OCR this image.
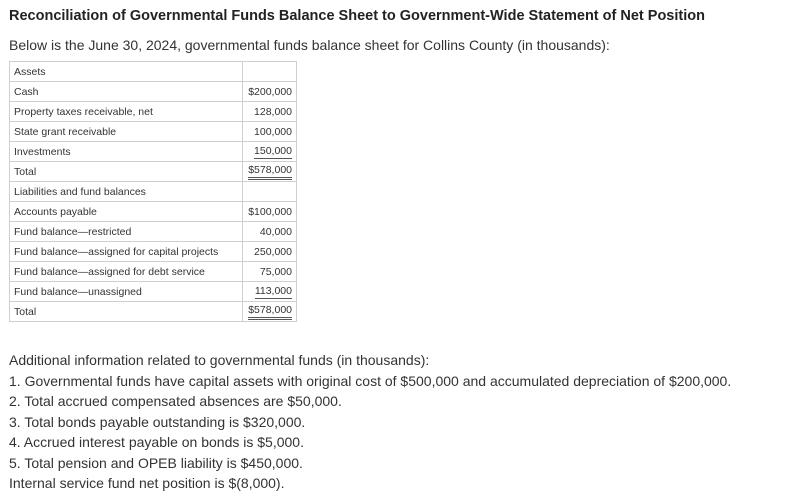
Reconciliation of Governmental Funds Balance Sheet to Government-Wide Statement of Net Position
Below is the June 30, 2024, governmental funds balance sheet for Collins County (in thousands):
Assets	
Cash	$200,000
Property taxes receivable, net	128,000
State grant receivable	100,000
Investments	150,000
Total	$578,000
Liabilities and fund balances	
Accounts payable	$100,000
Fund balance—restricted	40,000
Fund balance—assigned for capital projects	250,000
Fund balance—assigned for debt service	75,000
Fund balance—unassigned	113,000
Total	$578,000
Additional information related to governmental funds (in thousands):
1. Governmental funds have capital assets with original cost of $500,000 and accumulated depreciation of $200,000.
2. Total accrued compensated absences are $50,000.
3. Total bonds payable outstanding is $320,000.
4. Accrued interest payable on bonds is $5,000.
5. Total pension and OPEB liability is $450,000.
Internal service fund net position is $(8,000).
